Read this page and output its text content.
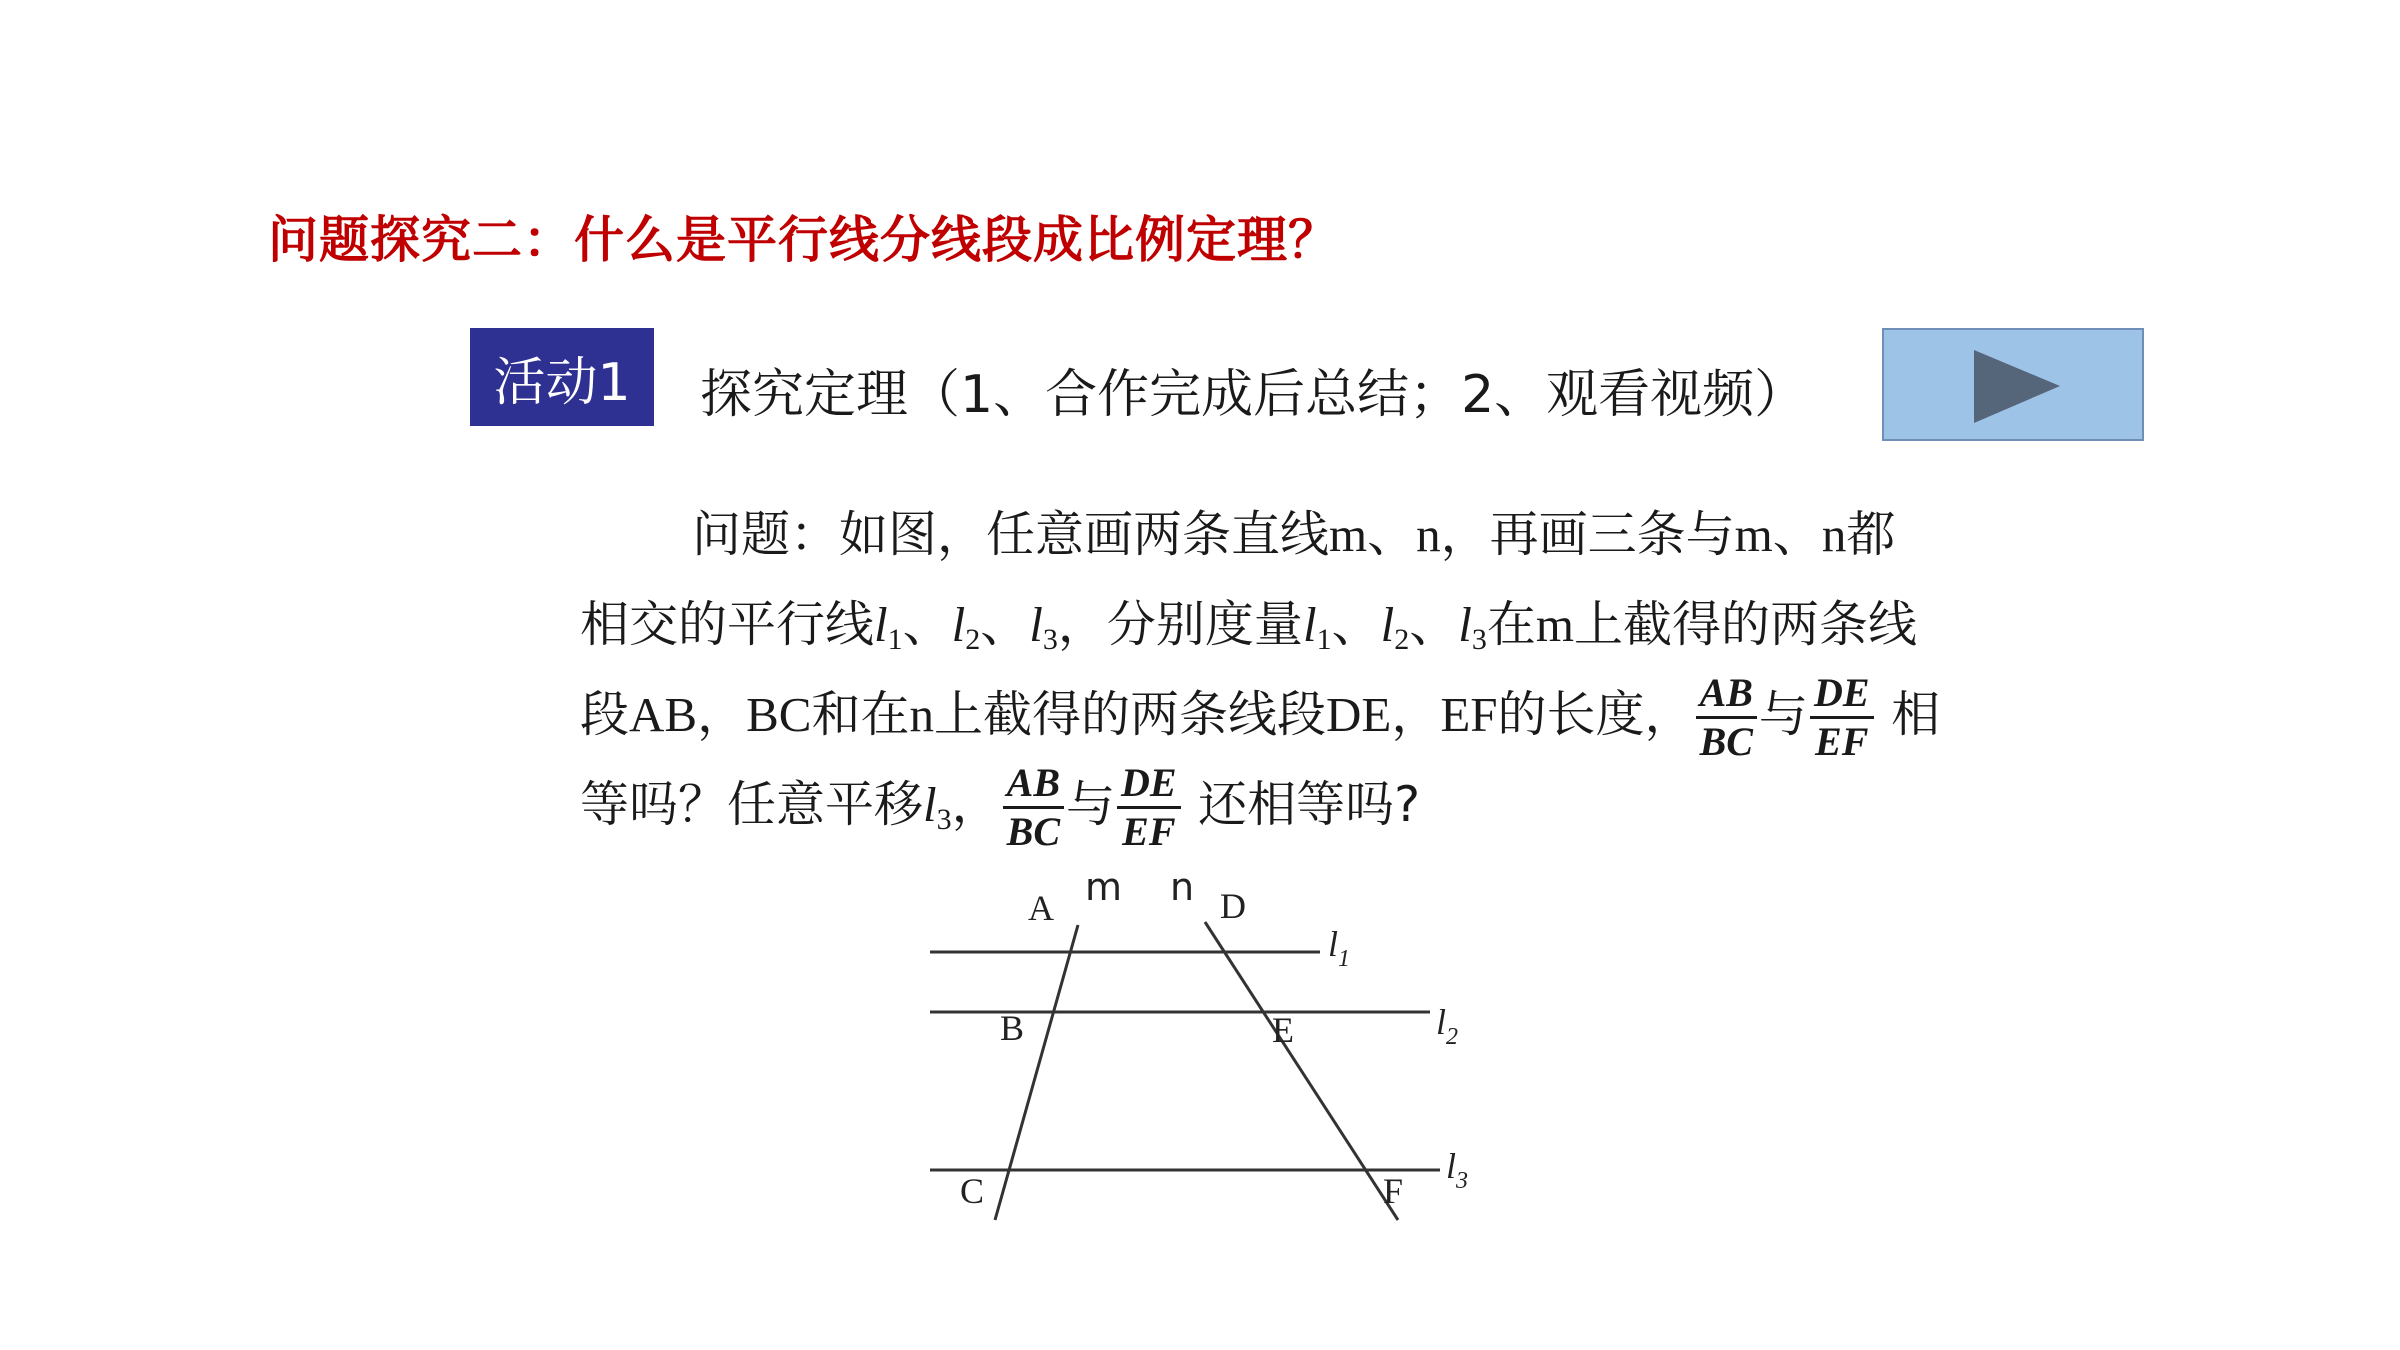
问题探究二：什么是平行线分线段成比例定理？
活动1	探究定理（1、合作完成后总结；2、观看视频）
问题：如图，任意画两条直线m、n，再画三条与m、n都
相交的平行线$l_1$、$l_2$、$l_3$，分别度量$l_1$、$l_2$、$l_3$在m上截得的两条线
段AB，BC和在n上截得的两条线段DE，EF的长度， $\frac{AB}{BC}$ 与 $\frac{DE}{EF}$ 相
等吗？任意平移$l_3$， $\frac{AB}{BC}$ 与 $\frac{DE}{EF}$ 还相等吗?
m n
A	D
B	E
C	F
$l_1$
$l_2$
$l_3$
